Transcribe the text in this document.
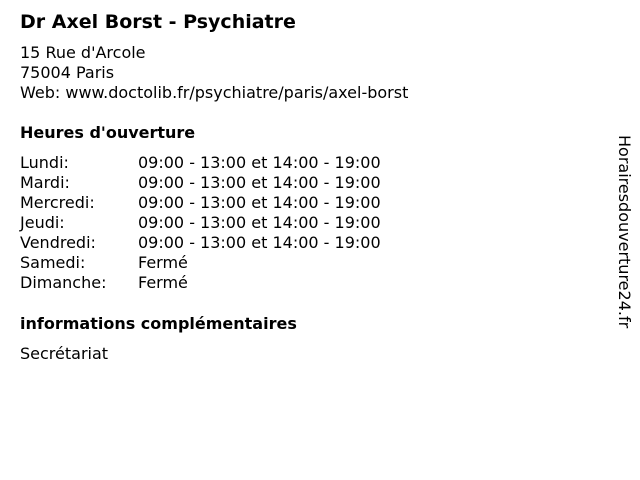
Dr Axel Borst - Psychiatre
15 Rue d'Arcole
75004 Paris
Web: www.doctolib.fr/psychiatre/paris/axel-borst
Heures d'ouverture
Lundi:	09:00 - 13:00 et 14:00 - 19:00
Mardi:	09:00 - 13:00 et 14:00 - 19:00
Mercredi:	09:00 - 13:00 et 14:00 - 19:00
Jeudi:	09:00 - 13:00 et 14:00 - 19:00
Vendredi:	09:00 - 13:00 et 14:00 - 19:00
Samedi:	Fermé
Dimanche:	Fermé
informations complémentaires
Secrétariat
Horairesdouverture24.fr
